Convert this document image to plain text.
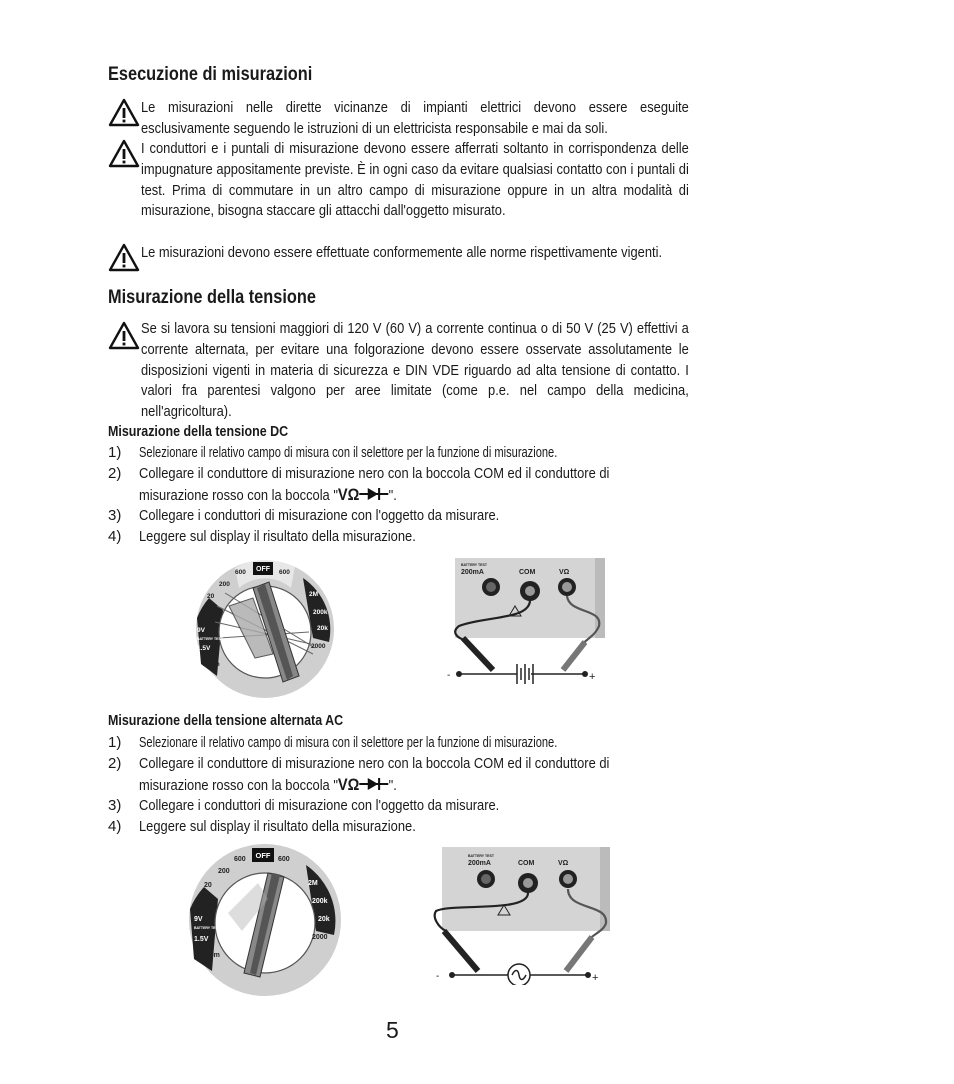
Esecuzione di misurazioni

Le misurazioni nelle dirette vicinanze di impianti elettrici devono essere eseguite esclusivamente seguendo le istruzioni di un elettricista responsabile e mai da soli.

I conduttori e i puntali di misurazione devono essere afferrati soltanto in corrispondenza delle impugnature appositamente previste. È in ogni caso da evitare qualsiasi contatto con i puntali di test. Prima di commutare in un altro campo di misurazione oppure in un altra modalità di misurazione, bisogna staccare gli attacchi dall'oggetto misurato.

Le misurazioni devono essere effettuate conformemente alle norme rispettivamente vigenti.

Misurazione della tensione

Se si lavora su tensioni maggiori di 120 V (60 V) a corrente continua o di 50 V (25 V) effettivi a corrente alternata, per evitare una folgorazione devono essere osservate assolutamente le disposizioni vigenti in materia di sicurezza e DIN VDE riguardo ad alta tensione di contatto. I valori fra parentesi valgono per aree limitate (come p.e. nel campo della medicina, nell'agricoltura).

Misurazione della tensione DC
1)	Selezionare il relativo campo di misura con il selettore per la funzione di misurazione.
2)	Collegare il conduttore di misurazione nero con la boccola COM ed il conduttore di misurazione rosso con la boccola "VΩ ".
3)	Collegare i conduttori di misurazione con l'oggetto da misurare.
4)	Leggere sul display il risultato della misurazione.
OFF
600
200
20
2
9V
BATTERY TEST
1.5V
200m
600
2M
200k
20k
2000
BATTERY TEST
200mA	COM	VΩ
-	+
Misurazione della tensione alternata AC
1)	Selezionare il relativo campo di misura con il selettore per la funzione di misurazione.
2)	Collegare il conduttore di misurazione nero con la boccola COM ed il conduttore di misurazione rosso con la boccola "VΩ ".
3)	Collegare i conduttori di misurazione con l'oggetto da misurare.
4)	Leggere sul display il risultato della misurazione.
OFF
600
200
20
2
9V
BATTERY TEST
1.5V
200m
600
2M
200k
20k
2000
BATTERY TEST
200mA	COM	VΩ
-	+
5
